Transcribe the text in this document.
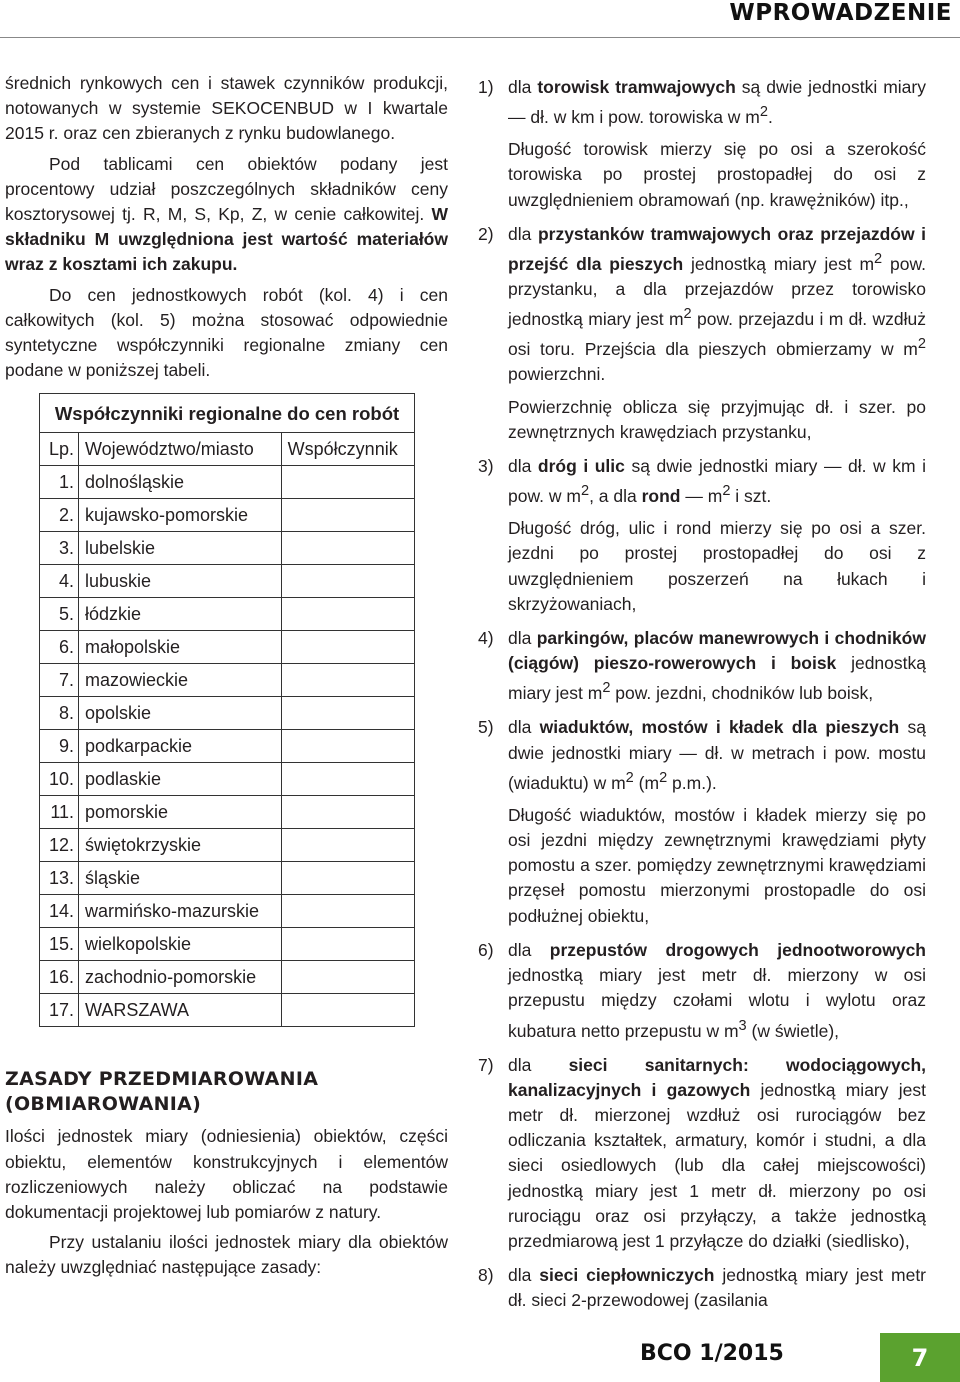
WPROWADZENIE

średnich rynkowych cen i stawek czynników produkcji, notowanych w systemie SEKOCENBUD w I kwartale 2015 r. oraz cen zbieranych z rynku budowlanego.

Pod tablicami cen obiektów podany jest procentowy udział poszczególnych składników ceny kosztorysowej tj. R, M, S, Kp, Z, w cenie całkowitej. W składniku M uwzględniona jest wartość materiałów wraz z kosztami ich zakupu.

Do cen jednostkowych robót (kol. 4) i cen całkowitych (kol. 5) można stosować odpowiednie syntetyczne współczynniki regionalne zmiany cen podane w poniższej tabeli.

Współczynniki regionalne do cen robót		
Lp.	Województwo/miasto	Współczynnik
1.	dolnośląskie	
2.	kujawsko-pomorskie	
3.	lubelskie	
4.	lubuskie	
5.	łódzkie	
6.	małopolskie	
7.	mazowieckie	
8.	opolskie	
9.	podkarpackie	
10.	podlaskie	
11.	pomorskie	
12.	świętokrzyskie	
13.	śląskie	
14.	warmińsko-mazurskie	
15.	wielkopolskie	
16.	zachodnio-pomorskie	
17.	WARSZAWA	
ZASADY PRZEDMIAROWANIA
(OBMIAROWANIA)

Ilości jednostek miary (odniesienia) obiektów, części obiektu, elementów konstrukcyjnych i elementów rozliczeniowych należy obliczać na podstawie dokumentacji projektowej lub pomiarów z natury.

Przy ustalaniu ilości jednostek miary dla obiektów należy uwzględniać następujące zasady:

1) dla torowisk tramwajowych są dwie jednostki miary — dł. w km i pow. torowiska w $m^2$.

Długość torowisk mierzy się po osi a szerokość torowiska po prostej prostopadłej do osi z uwzględnieniem obramowań (np. krawężników) itp.,

2) dla przystanków tramwajowych oraz przejazdów i przejść dla pieszych jednostką miary jest $m^2$ pow. przystanku, a dla przejazdów przez torowisko jednostką miary jest $m^2$ pow. przejazdu i m dł. wzdłuż osi toru. Przejścia dla pieszych obmierzamy w $m^2$ powierzchni.

Powierzchnię oblicza się przyjmując dł. i szer. po zewnętrznych krawędziach przystanku,

3) dla dróg i ulic są dwie jednostki miary — dł. w km i pow. w $m^2$, a dla rond — $m^2$ i szt.

Długość dróg, ulic i rond mierzy się po osi a szer. jezdni po prostej prostopadłej do osi z uwzględnieniem poszerzeń na łukach i skrzyżowaniach,

4) dla parkingów, placów manewrowych i chodników (ciągów) pieszo-rowerowych i boisk jednostką miary jest $m^2$ pow. jezdni, chodników lub boisk,

5) dla wiaduktów, mostów i kładek dla pieszych są dwie jednostki miary — dł. w metrach i pow. mostu (wiaduktu) w $m^2$ ($m^2$ p.m.).

Długość wiaduktów, mostów i kładek mierzy się po osi jezdni między zewnętrznymi krawędziami płyty pomostu a szer. pomiędzy zewnętrznymi krawędziami przęseł pomostu mierzonymi prostopadle do osi podłużnej obiektu,

6) dla przepustów drogowych jednootworowych jednostką miary jest metr dł. mierzony w osi przepustu między czołami wlotu i wylotu oraz kubatura netto przepustu w $m^3$ (w świetle),

7) dla sieci sanitarnych: wodociągowych, kanalizacyjnych i gazowych jednostką miary jest metr dł. mierzonej wzdłuż osi rurociągów bez odliczania kształtek, armatury, komór i studni, a dla sieci osiedlowych (lub dla całej miejscowości) jednostką miary jest 1 metr dł. mierzony po osi rurociągu oraz osi przyłączy, a także jednostką przedmiarową jest 1 przyłącze do działki (siedlisko),

8) dla sieci ciepłowniczych jednostką miary jest metr dł. sieci 2-przewodowej (zasilania

BCO 1/2015	7
